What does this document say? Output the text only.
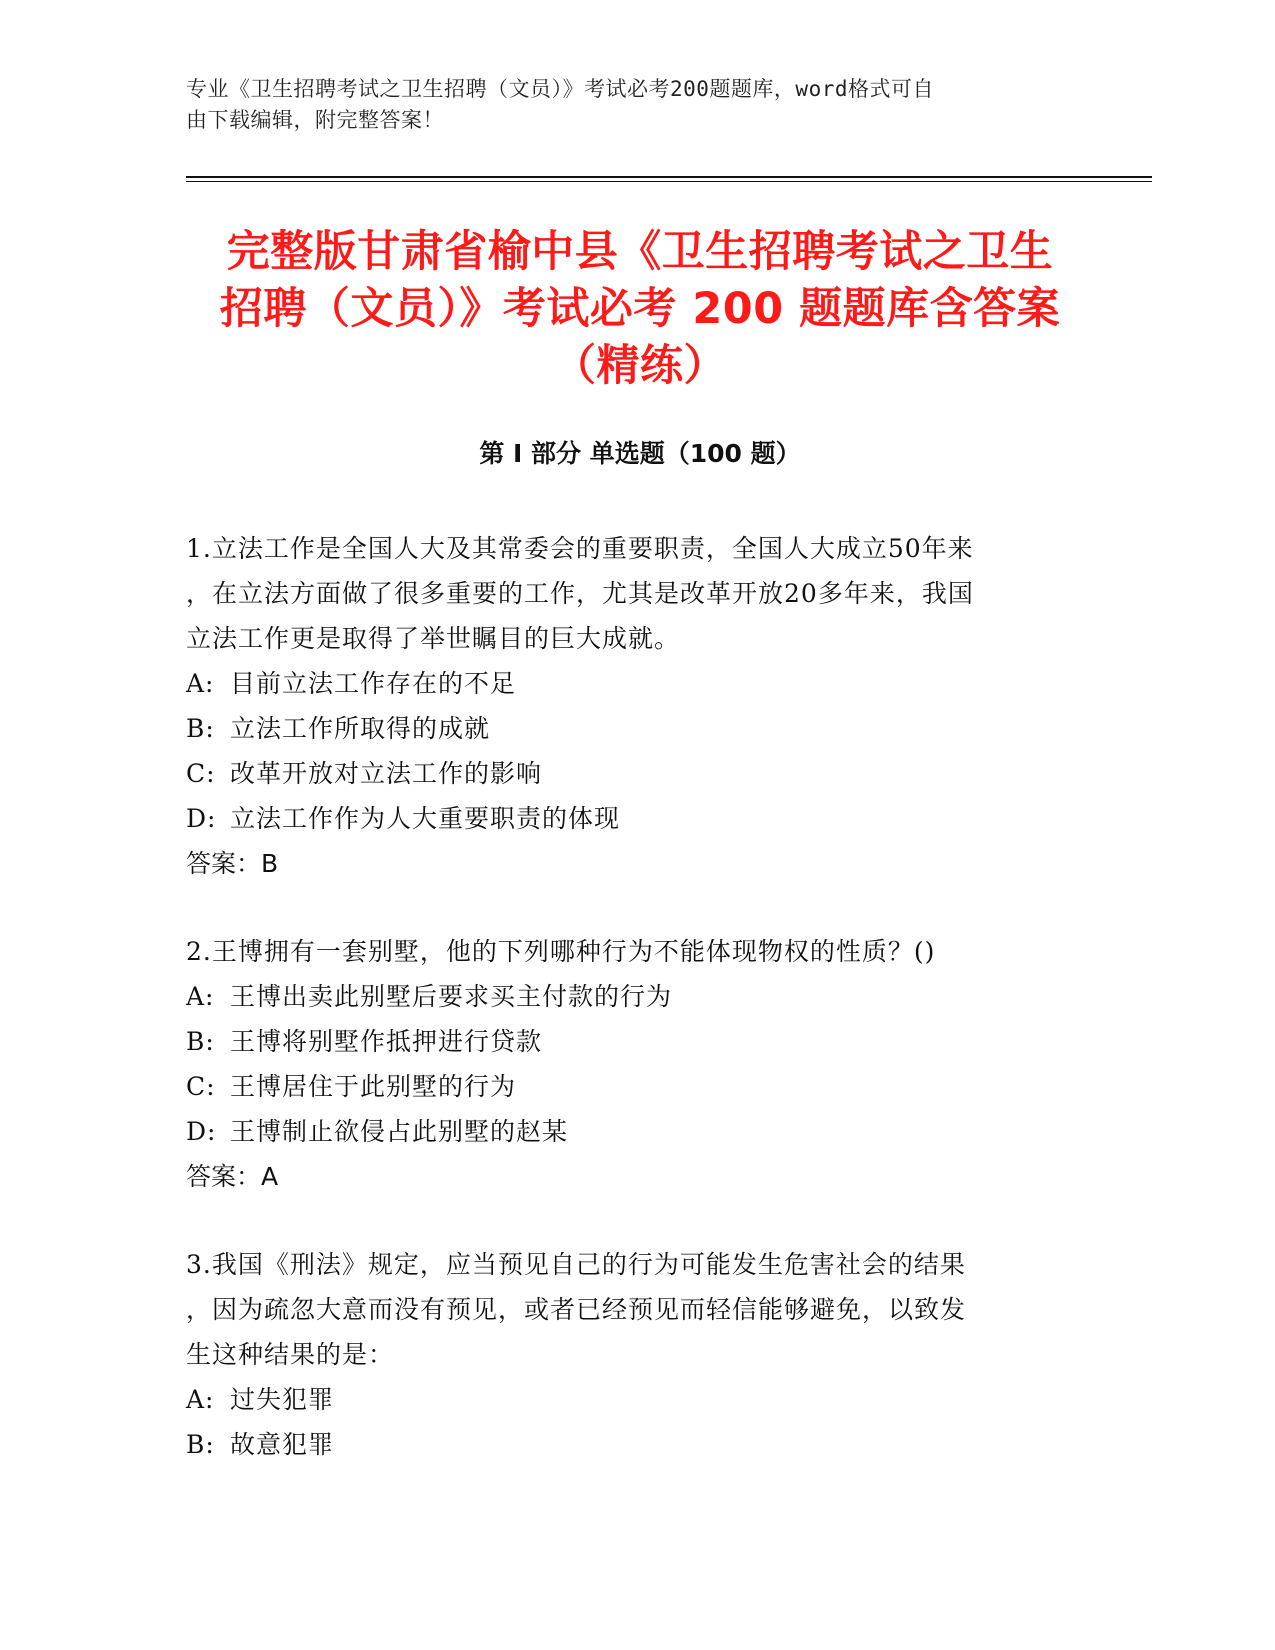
专业《卫生招聘考试之卫生招聘（文员）》考试必考200题题库，word格式可自
由下载编辑，附完整答案！
完整版甘肃省榆中县《卫生招聘考试之卫生
招聘（文员）》考试必考 200 题题库含答案
（精练）
第 I 部分 单选题（100 题）
1.立法工作是全国人大及其常委会的重要职责，全国人大成立50年来
，在立法方面做了很多重要的工作，尤其是改革开放20多年来，我国
立法工作更是取得了举世瞩目的巨大成就。
A: 目前立法工作存在的不足
B: 立法工作所取得的成就
C: 改革开放对立法工作的影响
D: 立法工作作为人大重要职责的体现
答案：B
2.王博拥有一套别墅，他的下列哪种行为不能体现物权的性质？()
A: 王博出卖此别墅后要求买主付款的行为
B: 王博将别墅作抵押进行贷款
C: 王博居住于此别墅的行为
D: 王博制止欲侵占此别墅的赵某
答案：A
3.我国《刑法》规定，应当预见自己的行为可能发生危害社会的结果
，因为疏忽大意而没有预见，或者已经预见而轻信能够避免，以致发
生这种结果的是：
A: 过失犯罪
B: 故意犯罪
